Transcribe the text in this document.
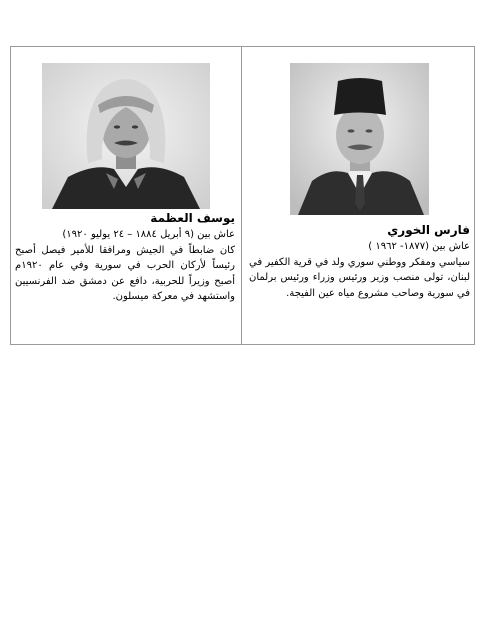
فارس الخوري

عاش بين (١٨٧٧- ١٩٦٢ )

سياسي ومفكر ووطني سوري ولد في قرية الكفير في لبنان، تولى منصب وزير ورئيس وزراء ورئيس برلمان في سورية وصاحب مشروع مياه عين الفيجة.

يوسف العظمة

عاش بين (٩ أبريل ١٨٨٤ – ٢٤ يوليو ١٩٢٠)

كان ضابطاً في الجيش ومرافقا للأمير فيصل أصبح رئيساً لأركان الحرب في سورية وفي عام ١٩٢٠م أصبح وزيراً للحربية، دافع عن دمشق ضد الفرنسيين واستشهد في معركة ميسلون.
